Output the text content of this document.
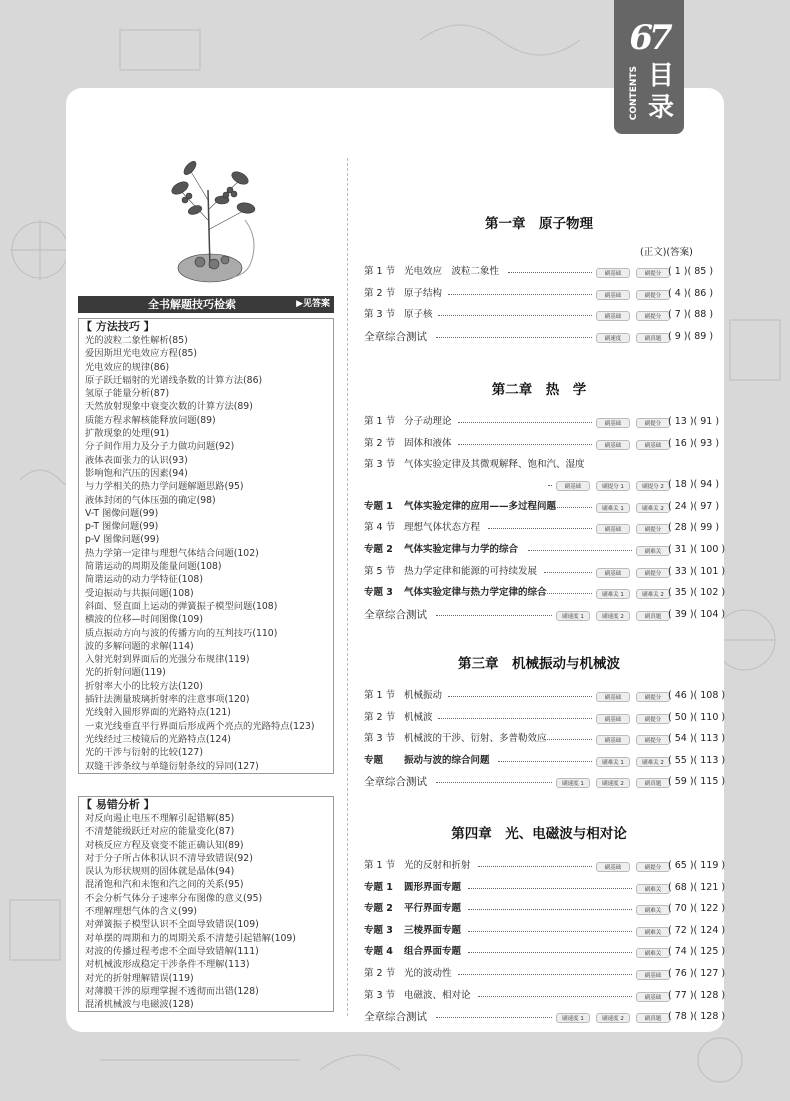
67
CONTENTS 目录
全书解题技巧检索	▶见答案
【 方法技巧 】
光的波粒二象性解析(85)
爱因斯坦光电效应方程(85)
光电效应的规律(86)
原子跃迁辐射的光谱线条数的计算方法(86)
氢原子能量分析(87)
天然放射现象中衰变次数的计算方法(89)
质能方程求解核能释放问题(89)
扩散现象的处理(91)
分子间作用力及分子力做功问题(92)
液体表面张力的认识(93)
影响饱和汽压的因素(94)
与力学相关的热力学问题解题思路(95)
液体封闭的气体压强的确定(98)
V-T 图像问题(99)
p-T 图像问题(99)
p-V 图像问题(99)
热力学第一定律与理想气体结合问题(102)
简谐运动的周期及能量问题(108)
简谐运动的动力学特征(108)
受迫振动与共振问题(108)
斜面、竖直面上运动的弹簧振子模型问题(108)
横波的位移—时间图像(109)
质点振动方向与波的传播方向的互判技巧(110)
波的多解问题的求解(114)
入射光射到界面后的光强分布规律(119)
光的折射问题(119)
折射率大小的比较方法(120)
插针法测量玻璃折射率的注意事项(120)
光线射入圆形界面的光路特点(121)
一束光线垂直平行界面后形成两个亮点的光路特点(123)
光线经过三棱镜后的光路特点(124)
光的干涉与衍射的比较(127)
双缝干涉条纹与单缝衍射条纹的异同(127)
【 易错分析 】
对反向遏止电压不理解引起错解(85)
不清楚能级跃迁对应的能量变化(87)
对核反应方程及衰变不能正确认知(89)
对于分子所占体积认识不清导致错误(92)
误认为形状规则的固体就是晶体(94)
混淆饱和汽和未饱和汽之间的关系(95)
不会分析气体分子速率分布图像的意义(95)
不理解理想气体的含义(99)
对弹簧振子模型认识不全面导致错误(109)
对单摆的周期和力的周期关系不清楚引起错解(109)
对波的传播过程考虑不全面导致错解(111)
对机械波形成稳定干涉条件不理解(113)
对光的折射理解错误(119)
对薄膜干涉的原理掌握不透彻而出错(128)
混淆机械波与电磁波(128)
(正文)(答案)
第一章　原子物理
第 1 节 光电效应　波粒二象性	刷基础	刷提分 ( 1 )( 85 )
第 2 节 原子结构	刷基础	刷提分 ( 4 )( 86 )
第 3 节 原子核	刷基础	刷提分 ( 7 )( 88 )
全章综合测试	刷速度	刷真题 ( 9 )( 89 )
第二章　热　学
第 1 节 分子动理论	刷基础	刷提分 ( 13 )( 91 )
第 2 节 固体和液体	刷基础	刷基础 ( 16 )( 93 )
第 3 节 气体实验定律及其微观解释、饱和汽、湿度
刷基础	刷提分 1	刷提分 2 ( 18 )( 94 )
专题 1 气体实验定律的应用——多过程问题	刷难关 1	刷难关 2 ( 24 )( 97 )
第 4 节 理想气体状态方程	刷基础	刷提分 ( 28 )( 99 )
专题 2 气体实验定律与力学的综合	刷难关 ( 31 )( 100 )
第 5 节 热力学定律和能源的可持续发展	刷基础	刷提分 ( 33 )( 101 )
专题 3 气体实验定律与热力学定律的综合	刷难关 1	刷难关 2 ( 35 )( 102 )
全章综合测试	刷速度 1	刷速度 2	刷真题 ( 39 )( 104 )
第三章　机械振动与机械波
第 1 节 机械振动	刷基础	刷提分 ( 46 )( 108 )
第 2 节 机械波	刷基础	刷提分 ( 50 )( 110 )
第 3 节 机械波的干涉、衍射、多普勒效应	刷基础	刷提分 ( 54 )( 113 )
专题 振动与波的综合问题	刷难关 1	刷难关 2 ( 55 )( 113 )
全章综合测试	刷速度 1	刷速度 2	刷真题 ( 59 )( 115 )
第四章　光、电磁波与相对论
第 1 节 光的反射和折射	刷基础	刷提分 ( 65 )( 119 )
专题 1 圆形界面专题	刷难关 ( 68 )( 121 )
专题 2 平行界面专题	刷难关 ( 70 )( 122 )
专题 3 三棱界面专题	刷难关 ( 72 )( 124 )
专题 4 组合界面专题	刷难关 ( 74 )( 125 )
第 2 节 光的波动性	刷基础 ( 76 )( 127 )
第 3 节 电磁波、相对论	刷基础 ( 77 )( 128 )
全章综合测试	刷速度 1	刷速度 2	刷真题 ( 78 )( 128 )
